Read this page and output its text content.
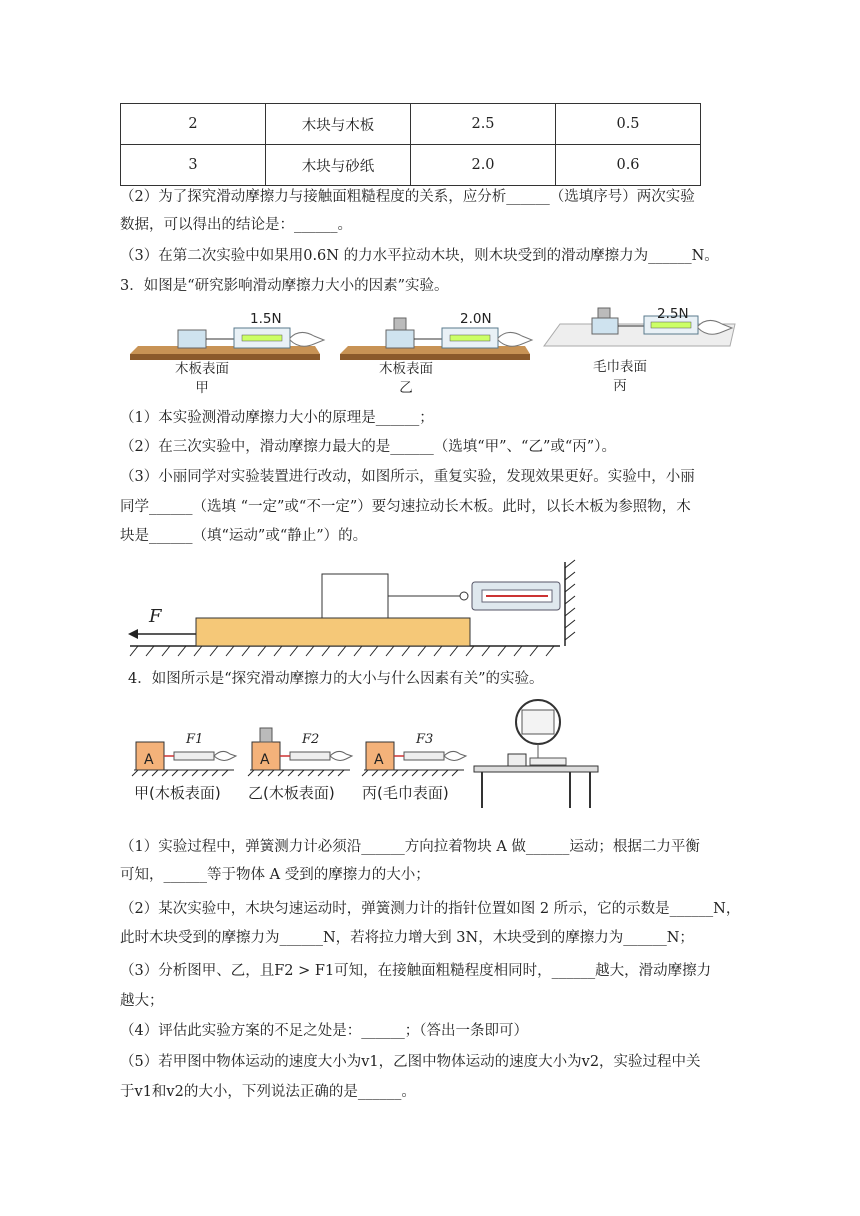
2	木块与木板	2.5	0.5
3	木块与砂纸	2.0	0.6
（2）为了探究滑动摩擦力与接触面粗糙程度的关系，应分析______（选填序号）两次实验
数据，可以得出的结论是：______。
（3）在第二次实验中如果用0.6N 的力水平拉动木块，则木块受到的滑动摩擦力为______N。
3．如图是“研究影响滑动摩擦力大小的因素”实验。
1.5N	2.0N	2.5N
木板表面
甲
木板表面
乙
毛巾表面
丙
（1）本实验测滑动摩擦力大小的原理是______；
（2）在三次实验中，滑动摩擦力最大的是______（选填“甲”、“乙”或“丙”）。
（3）小丽同学对实验装置进行改动，如图所示，重复实验，发现效果更好。实验中，小丽
同学______（选填 “一定”或“不一定”）要匀速拉动长木板。此时，以长木板为参照物，木
块是______（填“运动”或“静止”）的。
F
4．如图所示是“探究滑动摩擦力的大小与什么因素有关”的实验。
A	A	A
F1	F2	F3
甲(木板表面) 乙(木板表面) 丙(毛巾表面)
（1）实验过程中，弹簧测力计必须沿______方向拉着物块 A 做______运动；根据二力平衡
可知，______等于物体 A 受到的摩擦力的大小；
（2）某次实验中，木块匀速运动时，弹簧测力计的指针位置如图 2 所示，它的示数是______N，
此时木块受到的摩擦力为______N，若将拉力增大到 3N，木块受到的摩擦力为______N；
（3）分析图甲、乙，且F2 > F1可知，在接触面粗糙程度相同时，______越大，滑动摩擦力
越大；
（4）评估此实验方案的不足之处是：______；（答出一条即可）
（5）若甲图中物体运动的速度大小为v1，乙图中物体运动的速度大小为v2，实验过程中关
于v1和v2的大小，下列说法正确的是______。
